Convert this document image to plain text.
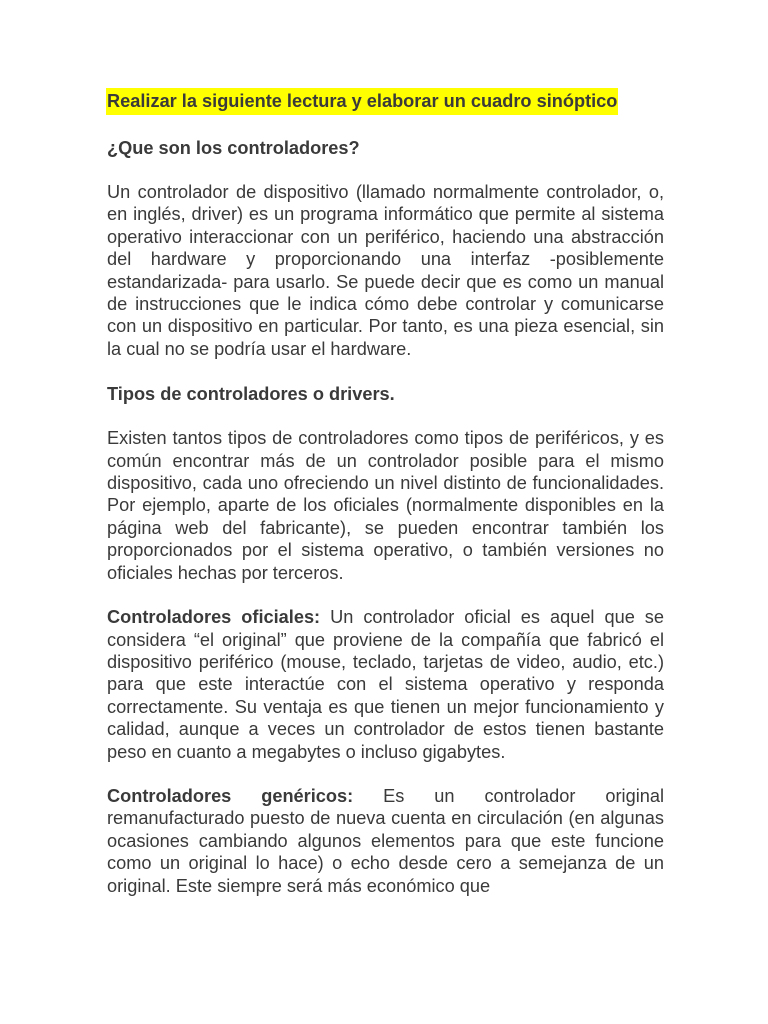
Realizar la siguiente lectura y elaborar un cuadro sinóptico
¿Que son los controladores?

Un controlador de dispositivo (llamado normalmente controlador, o, en inglés, driver) es un programa informático que permite al sistema operativo interaccionar con un periférico, haciendo una abstracción del hardware y proporcionando una interfaz -posiblemente estandarizada- para usarlo. Se puede decir que es como un manual de instrucciones que le indica cómo debe controlar y comunicarse con un dispositivo en particular. Por tanto, es una pieza esencial, sin la cual no se podría usar el hardware.

Tipos de controladores o drivers.

Existen tantos tipos de controladores como tipos de periféricos, y es común encontrar más de un controlador posible para el mismo dispositivo, cada uno ofreciendo un nivel distinto de funcionalidades. Por ejemplo, aparte de los oficiales (normalmente disponibles en la página web del fabricante), se pueden encontrar también los proporcionados por el sistema operativo, o también versiones no oficiales hechas por terceros.

Controladores oficiales: Un controlador oficial es aquel que se considera “el original” que proviene de la compañía que fabricó el dispositivo periférico (mouse, teclado, tarjetas de video, audio, etc.) para que este interactúe con el sistema operativo y responda correctamente. Su ventaja es que tienen un mejor funcionamiento y calidad, aunque a veces un controlador de estos tienen bastante peso en cuanto a megabytes o incluso gigabytes.

Controladores genéricos: Es un controlador original remanufacturado puesto de nueva cuenta en circulación (en algunas ocasiones cambiando algunos elementos para que este funcione como un original lo hace) o echo desde cero a semejanza de un original. Este siempre será más económico que
